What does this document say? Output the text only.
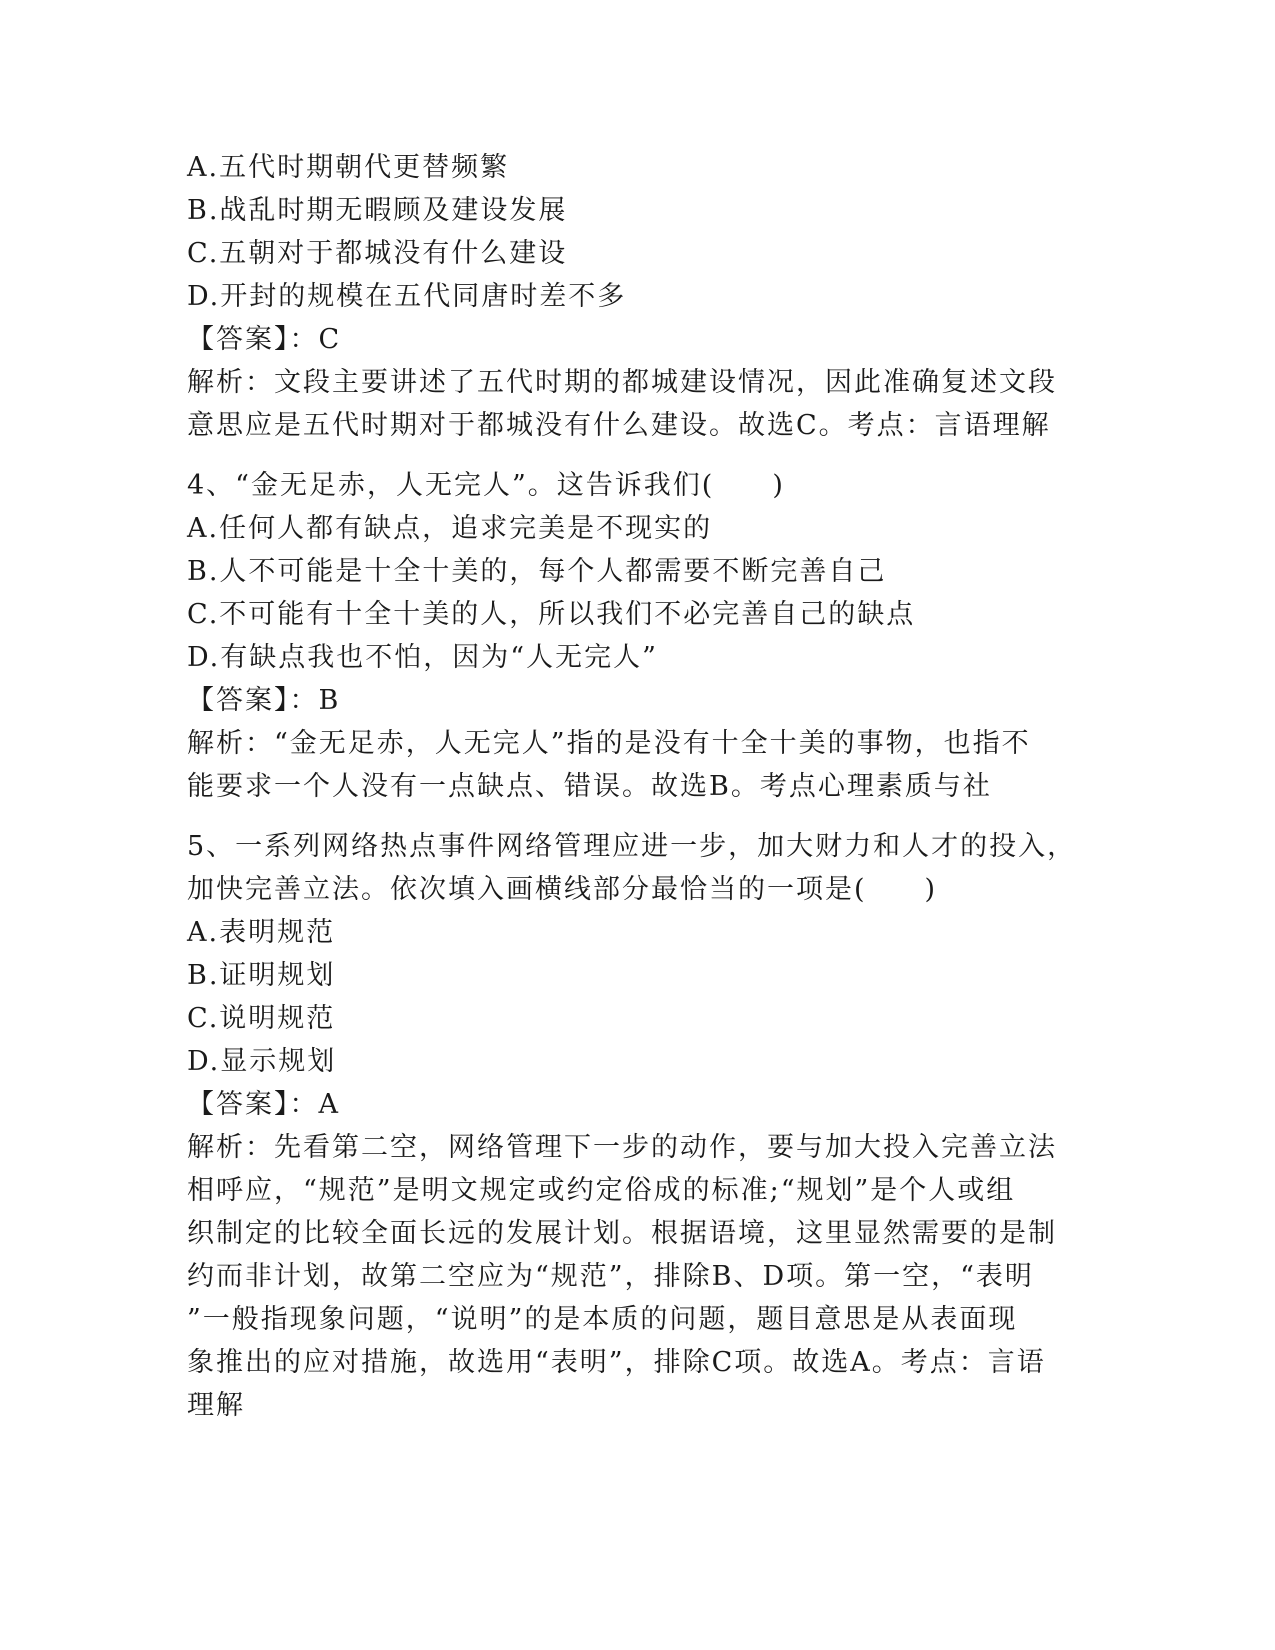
A.五代时期朝代更替频繁
B.战乱时期无暇顾及建设发展
C.五朝对于都城没有什么建设
D.开封的规模在五代同唐时差不多
【答案】：C
解析：文段主要讲述了五代时期的都城建设情况，因此准确复述文段
意思应是五代时期对于都城没有什么建设。故选C。考点：言语理解
4、“金无足赤，人无完人”。这告诉我们(　　)
A.任何人都有缺点，追求完美是不现实的
B.人不可能是十全十美的，每个人都需要不断完善自己
C.不可能有十全十美的人，所以我们不必完善自己的缺点
D.有缺点我也不怕，因为“人无完人”
【答案】：B
解析：“金无足赤，人无完人”指的是没有十全十美的事物，也指不
能要求一个人没有一点缺点、错误。故选B。考点心理素质与社
5、一系列网络热点事件网络管理应进一步，加大财力和人才的投入，
加快完善立法。依次填入画横线部分最恰当的一项是(　　)
A.表明规范
B.证明规划
C.说明规范
D.显示规划
【答案】：A
解析：先看第二空，网络管理下一步的动作，要与加大投入完善立法
相呼应，“规范”是明文规定或约定俗成的标准;“规划”是个人或组
织制定的比较全面长远的发展计划。根据语境，这里显然需要的是制
约而非计划，故第二空应为“规范”，排除B、D项。第一空，“表明
”一般指现象问题，“说明”的是本质的问题，题目意思是从表面现
象推出的应对措施，故选用“表明”，排除C项。故选A。考点：言语
理解
